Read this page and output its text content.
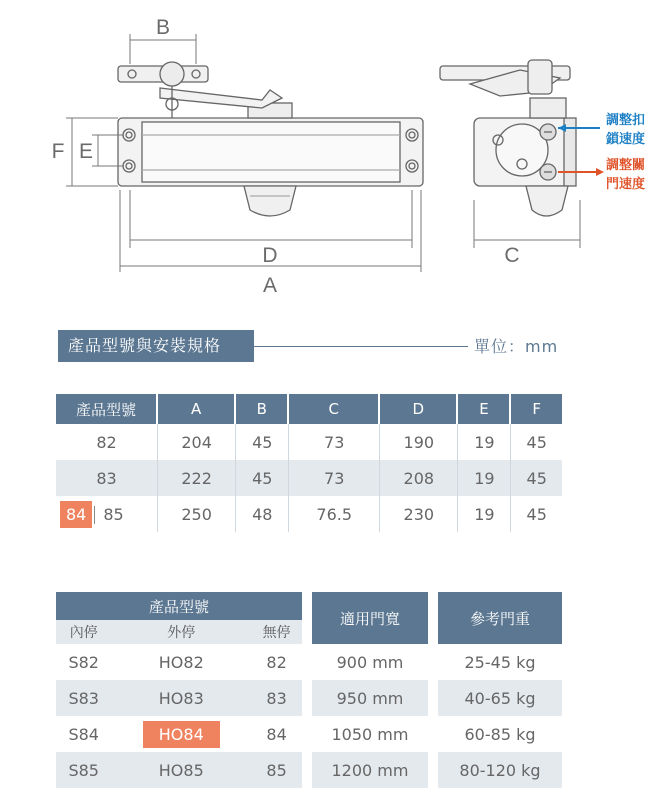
B
D
A
C
E
F
調整扣
鎖速度
調整關
門速度
產品型號與安裝規格	單位：mm
產品型號	A	B	C	D	E	F
82	204	45	73	190	19	45
83	222	45	73	208	19	45
84 85	250	48	76.5	230	19	45
產品型號				適用門寬		參考門重
內停	外停	無停				
S82	HO82	82		900 mm		25-45 kg
S83	HO83	83		950 mm		40-65 kg
S84	HO84	84		1050 mm		60-85 kg
S85	HO85	85		1200 mm		80-120 kg
